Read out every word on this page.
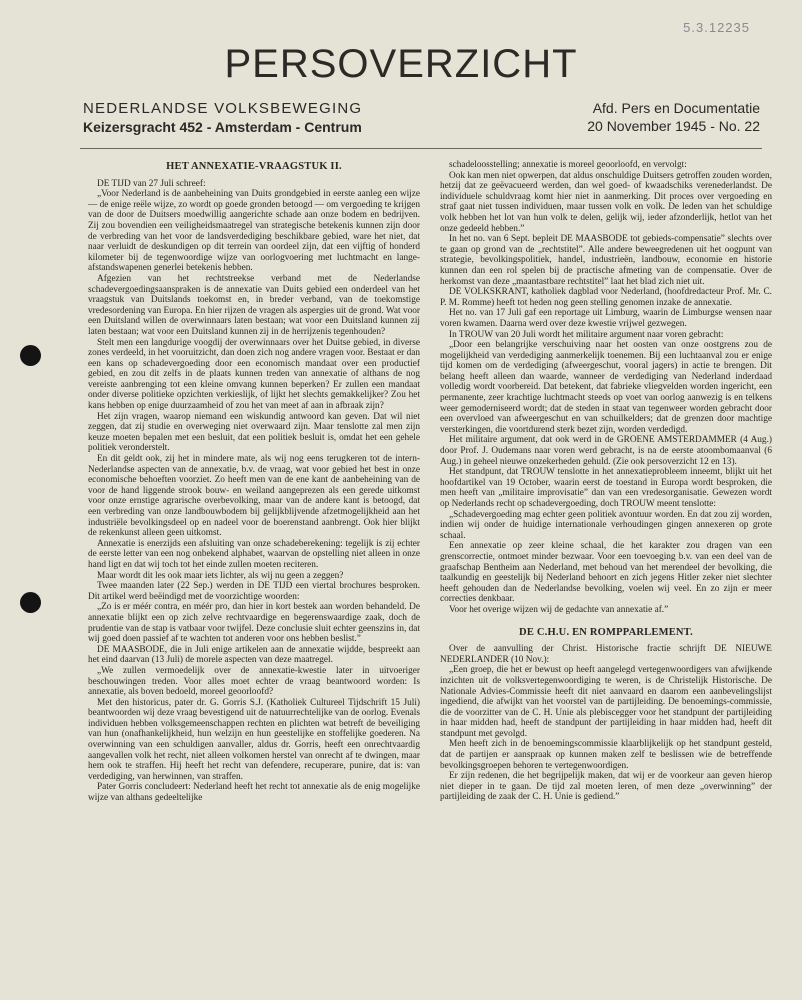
5.3.12235
PERSOVERZICHT
NEDERLANDSE VOLKSBEWEGING
Keizersgracht 452 - Amsterdam - Centrum
Afd. Pers en Documentatie
20 November 1945 - No. 22
HET ANNEXATIE-VRAAGSTUK II.

DE TIJD van 27 Juli schreef:

„Voor Nederland is de aanbeheining van Duits grondgebied in eerste aanleg een wijze — de enige reële wijze, zo wordt op goede gronden betoogd — om vergoeding te krijgen van de door de Duitsers moedwillig aangerichte schade aan onze bodem en bedrijven. Zij zou bovendien een veiligheidsmaatregel van strategische betekenis kunnen zijn door de verbreding van het voor de landsverdediging beschikbare gebied, ware het niet, dat naar verluidt de deskundigen op dit terrein van oordeel zijn, dat een vijftig of honderd kilometer bij de tegenwoordige wijze van oorlogvoering met luchtmacht en lange-afstandswapenen generlei betekenis hebben.

Afgezien van het rechtstreekse verband met de Nederlandse schadevergoedingsaanspraken is de annexatie van Duits gebied een onderdeel van het vraagstuk van Duitslands toekomst en, in breder verband, van de toekomstige vredesordening van Europa. En hier rijzen de vragen als aspergies uit de grond. Wat voor een Duitsland willen de overwinnaars laten bestaan; wat voor een Duitsland kunnen zij laten bestaan; wat voor een Duitsland kunnen zij in de herrijzenis tegenhouden?

Stelt men een langdurige voogdij der overwinnaars over het Duitse gebied, in diverse zones verdeeld, in het vooruitzicht, dan doen zich nog andere vragen voor. Bestaat er dan een kans op schadevergoeding door een economisch mandaat over een productief gebied, en zou dit zelfs in de plaats kunnen treden van annexatie of althans de nog vereiste aanbrenging tot een kleine omvang kunnen beperken? Er zullen een mandaat onder diverse politieke opzichten verkieslijk, of lijkt het slechts gemakkelijker? Zou het kans hebben op enige duurzaamheid of zou het van meet af aan in afbraak zijn?

Het zijn vragen, waarop niemand een wiskundig antwoord kan geven. Dat wil niet zeggen, dat zij studie en overweging niet overwaard zijn. Maar tenslotte zal men zijn keuze moeten bepalen met een besluit, dat een politiek besluit is, omdat het een gehele politiek veronderstelt.

En dit geldt ook, zij het in mindere mate, als wij nog eens terugkeren tot de intern-Nederlandse aspecten van de annexatie, b.v. de vraag, wat voor gebied het best in onze economische behoeften voorziet. Zo heeft men van de ene kant de aanbeheining van de voor de hand liggende strook bouw- en weiland aangeprezen als een gerede uitkomst voor onze ernstige agrarische overbevolking, maar van de andere kant is betoogd, dat een verbreding van onze landbouwbodem bij gelijkblijvende afzetmogelijkheid aan het industriële bevolkingsdeel op en nadeel voor de boerenstand aanbrengt. Ook hier blijkt de rekenkunst alleen geen uitkomst.

Annexatie is enerzijds een afsluiting van onze schadeberekening: tegelijk is zij echter de eerste letter van een nog onbekend alphabet, waarvan de opstelling niet alleen in onze hand ligt en dat wij toch tot het einde zullen moeten reciteren.

Maar wordt dit les ook maar iets lichter, als wij nu geen a zeggen?

Twee maanden later (22 Sep.) werden in DE TIJD een viertal brochures besproken. Dit artikel werd beëindigd met de voorzichtige woorden:

„Zo is er méér contra, en méér pro, dan hier in kort bestek aan worden behandeld. De annexatie blijkt een op zich zelve rechtvaardige en begerenswaardige zaak, doch de prudentie van de stap is vatbaar voor twijfel. Deze conclusie sluit echter geenszins in, dat wij goed doen passief af te wachten tot anderen voor ons hebben beslist.”

DE MAASBODE, die in Juli enige artikelen aan de annexatie wijdde, bespreekt aan het eind daarvan (13 Juli) de morele aspecten van deze maatregel.

„We zullen vermoedelijk over de annexatie-kwestie later in uitvoeriger beschouwingen treden. Voor alles moet echter de vraag beantwoord worden: Is annexatie, als boven bedoeld, moreel geoorloofd?

Met den historicus, pater dr. G. Gorris S.J. (Katholiek Cultureel Tijdschrift 15 Juli) beantwoorden wij deze vraag bevestigend uit de natuurrechtelijke van de oorlog. Evenals individuen hebben volksgemeenschappen rechten en plichten wat betreft de beveiliging van hun (onafhankelijkheid, hun welzijn en hun geestelijke en stoffelijke goederen. Na overwinning van een schuldigen aanvaller, aldus dr. Gorris, heeft een onrechtvaardig aangevallen volk het recht, niet alleen volkomen herstel van onrecht af te dwingen, maar hem ook te straffen. Hij heeft het recht van defendere, recuperare, punire, dat is: van verdediging, van herwinnen, van straffen.

Pater Gorris concludeert: Nederland heeft het recht tot annexatie als de enig mogelijke wijze van althans gedeeltelijke

schadeloosstelling; annexatie is moreel geoorloofd, en vervolgt:

Ook kan men niet opwerpen, dat aldus onschuldige Duitsers getroffen zouden worden, hetzij dat ze geëvacueerd werden, dan wel goed- of kwaadschiks verenederlandst. De individuele schuldvraag komt hier niet in aanmerking. Dit proces over vergoeding en straf gaat niet tussen individuen, maar tussen volk en volk. De leden van het schuldige volk hebben het lot van hun volk te delen, gelijk wij, ieder afzonderlijk, hetlot van het onze gedeeld hebben.”

In het no. van 6 Sept. bepleit DE MAASBODE tot gebieds-compensatie” slechts over te gaan op grond van de „rechtstitel”. Alle andere beweegredenen uit het oogpunt van strategie, bevolkingspolitiek, handel, industrieën, landbouw, economie en historie kunnen dan een rol spelen bij de practische afmeting van de compensatie. Over de herkomst van deze „maantastbare rechtstitel” laat het blad zich niet uit.

DE VOLKSKRANT, katholiek dagblad voor Nederland, (hoofdredacteur Prof. Mr. C. P. M. Romme) heeft tot heden nog geen stelling genomen inzake de annexatie.

Het no. van 17 Juli gaf een reportage uit Limburg, waarin de Limburgse wensen naar voren kwamen. Daarna werd over deze kwestie vrijwel gezwegen.

In TROUW van 20 Juli wordt het militaire argument naar voren gebracht:

„Door een belangrijke verschuiving naar het oosten van onze oostgrens zou de mogelijkheid van verdediging aanmerkelijk toenemen. Bij een luchtaanval zou er enige tijd komen om de verdediging (afweergeschut, vooral jagers) in actie te brengen. Dit belang heeft alleen dan waarde, wanneer de verdediging van Nederland inderdaad volledig wordt voorbereid. Dat betekent, dat fabrieke vliegvelden worden ingericht, een permanente, zeer krachtige luchtmacht steeds op voet van oorlog aanwezig is en telkens weer gemoderniseerd wordt; dat de steden in staat van tegenweer worden gebracht door een overvloed van afweergeschut en van schuilkelders; dat de grenzen door machtige versterkingen, die voortdurend sterk bezet zijn, worden verdedigd.

Het militaire argument, dat ook werd in de GROENE AMSTERDAMMER (4 Aug.) door Prof. J. Oudemans naar voren werd gebracht, is na de eerste atoombomaanval (6 Aug.) in geheel nieuwe onzekerheden gehuld. (Zie ook persoverzicht 12 en 13).

Het standpunt, dat TROUW tenslotte in het annexatieprobleem inneemt, blijkt uit het hoofdartikel van 19 October, waarin eerst de toestand in Europa wordt besproken, die men heeft van „militaire improvisatie” dan van een vredesorganisatie. Gewezen wordt op Nederlands recht op schadevergoeding, doch TROUW meent tenslotte:

„Schadevergoeding mag echter geen politiek avontuur worden. En dat zou zij worden, indien wij onder de huidige internationale verhoudingen gingen annexeren op grote schaal.

Een annexatie op zeer kleine schaal, die het karakter zou dragen van een grenscorrectie, ontmoet minder bezwaar. Voor een toevoeging b.v. van een deel van de graafschap Bentheim aan Nederland, met behoud van het merendeel der bevolking, die taalkundig en geestelijk bij Nederland behoort en zich jegens Hitler zeker niet slechter heeft gehouden dan de Nederlandse bevolking, voelen wij veel. En zo zijn er meer correcties denkbaar.

Voor het overige wijzen wij de gedachte van annexatie af.”

DE C.H.U. EN ROMPPARLEMENT.

Over de aanvulling der Christ. Historische fractie schrijft DE NIEUWE NEDERLANDER (10 Nov.):

„Een groep, die het er bewust op heeft aangelegd vertegenwoordigers van afwijkende inzichten uit de volksvertegenwoordiging te weren, is de Christelijk Historische. De Nationale Advies-Commissie heeft dit niet aanvaard en daarom een aanbevelingslijst ingediend, die afwijkt van het voorstel van de partijleiding. De benoemings-commissie, die de voorzitter van de C. H. Unie als plebiscegger voor het standpunt der partijleiding in haar midden had, heeft de standpunt der partijleiding in haar midden had, heeft dit standpunt met gevolgd.

Men heeft zich in de benoemingscommissie klaarblijkelijk op het standpunt gesteld, dat de partijen er aanspraak op kunnen maken zelf te beslissen wie de betreffende bevolkingsgroepen behoren te vertegenwoordigen.

Er zijn redenen, die het begrijpelijk maken, dat wij er de voorkeur aan geven hierop niet dieper in te gaan. De tijd zal moeten leren, of men deze „overwinning” der partijleiding de zaak der C. H. Unie is gediend.”
